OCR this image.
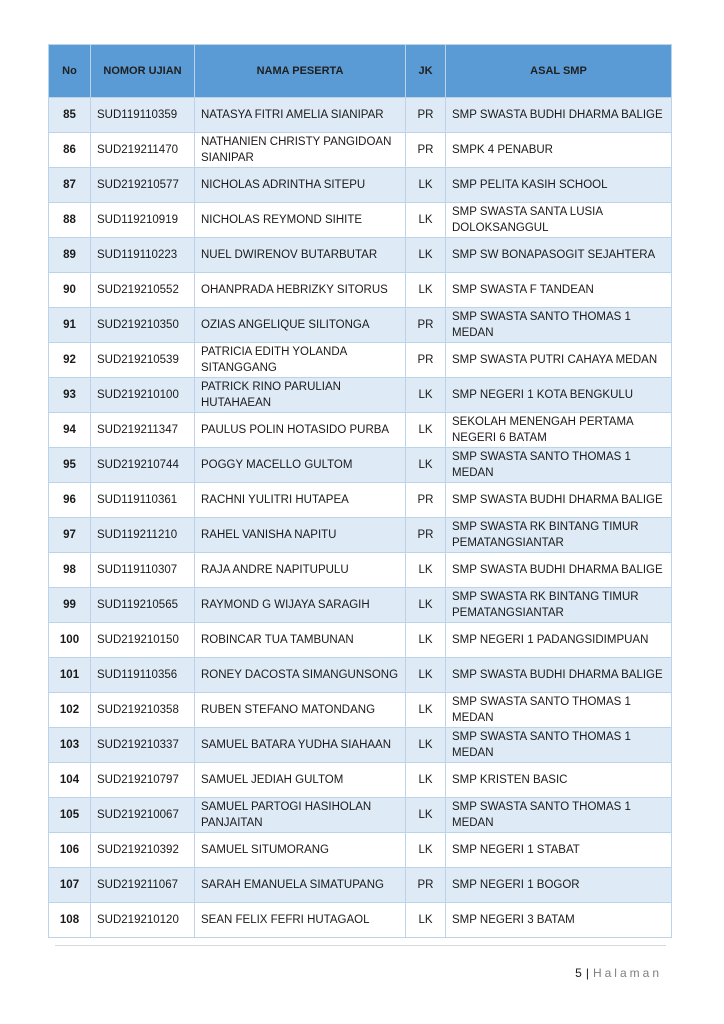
No	NOMOR UJIAN	NAMA PESERTA	JK	ASAL SMP
85	SUD119110359	NATASYA FITRI AMELIA SIANIPAR	PR	SMP SWASTA BUDHI DHARMA BALIGE
86	SUD219211470	NATHANIEN CHRISTY PANGIDOAN SIANIPAR	PR	SMPK 4 PENABUR
87	SUD219210577	NICHOLAS ADRINTHA SITEPU	LK	SMP PELITA KASIH SCHOOL
88	SUD119210919	NICHOLAS REYMOND SIHITE	LK	SMP SWASTA SANTA LUSIA DOLOKSANGGUL
89	SUD119110223	NUEL DWIRENOV BUTARBUTAR	LK	SMP SW BONAPASOGIT SEJAHTERA
90	SUD219210552	OHANPRADA HEBRIZKY SITORUS	LK	SMP SWASTA F TANDEAN
91	SUD219210350	OZIAS ANGELIQUE SILITONGA	PR	SMP SWASTA SANTO THOMAS 1 MEDAN
92	SUD219210539	PATRICIA EDITH YOLANDA SITANGGANG	PR	SMP SWASTA PUTRI CAHAYA MEDAN
93	SUD219210100	PATRICK RINO PARULIAN HUTAHAEAN	LK	SMP NEGERI 1 KOTA BENGKULU
94	SUD219211347	PAULUS POLIN HOTASIDO PURBA	LK	SEKOLAH MENENGAH PERTAMA NEGERI 6 BATAM
95	SUD219210744	POGGY MACELLO GULTOM	LK	SMP SWASTA SANTO THOMAS 1 MEDAN
96	SUD119110361	RACHNI YULITRI HUTAPEA	PR	SMP SWASTA BUDHI DHARMA BALIGE
97	SUD119211210	RAHEL VANISHA NAPITU	PR	SMP SWASTA RK BINTANG TIMUR PEMATANGSIANTAR
98	SUD119110307	RAJA ANDRE NAPITUPULU	LK	SMP SWASTA BUDHI DHARMA BALIGE
99	SUD119210565	RAYMOND G WIJAYA SARAGIH	LK	SMP SWASTA RK BINTANG TIMUR PEMATANGSIANTAR
100	SUD219210150	ROBINCAR TUA TAMBUNAN	LK	SMP NEGERI 1 PADANGSIDIMPUAN
101	SUD119110356	RONEY DACOSTA SIMANGUNSONG	LK	SMP SWASTA BUDHI DHARMA BALIGE
102	SUD219210358	RUBEN STEFANO MATONDANG	LK	SMP SWASTA SANTO THOMAS 1 MEDAN
103	SUD219210337	SAMUEL BATARA YUDHA SIAHAAN	LK	SMP SWASTA SANTO THOMAS 1 MEDAN
104	SUD219210797	SAMUEL JEDIAH GULTOM	LK	SMP KRISTEN BASIC
105	SUD219210067	SAMUEL PARTOGI HASIHOLAN PANJAITAN	LK	SMP SWASTA SANTO THOMAS 1 MEDAN
106	SUD219210392	SAMUEL SITUMORANG	LK	SMP NEGERI 1 STABAT
107	SUD219211067	SARAH EMANUELA SIMATUPANG	PR	SMP NEGERI 1 BOGOR
108	SUD219210120	SEAN FELIX FEFRI HUTAGAOL	LK	SMP NEGERI 3 BATAM
5 | Halaman
